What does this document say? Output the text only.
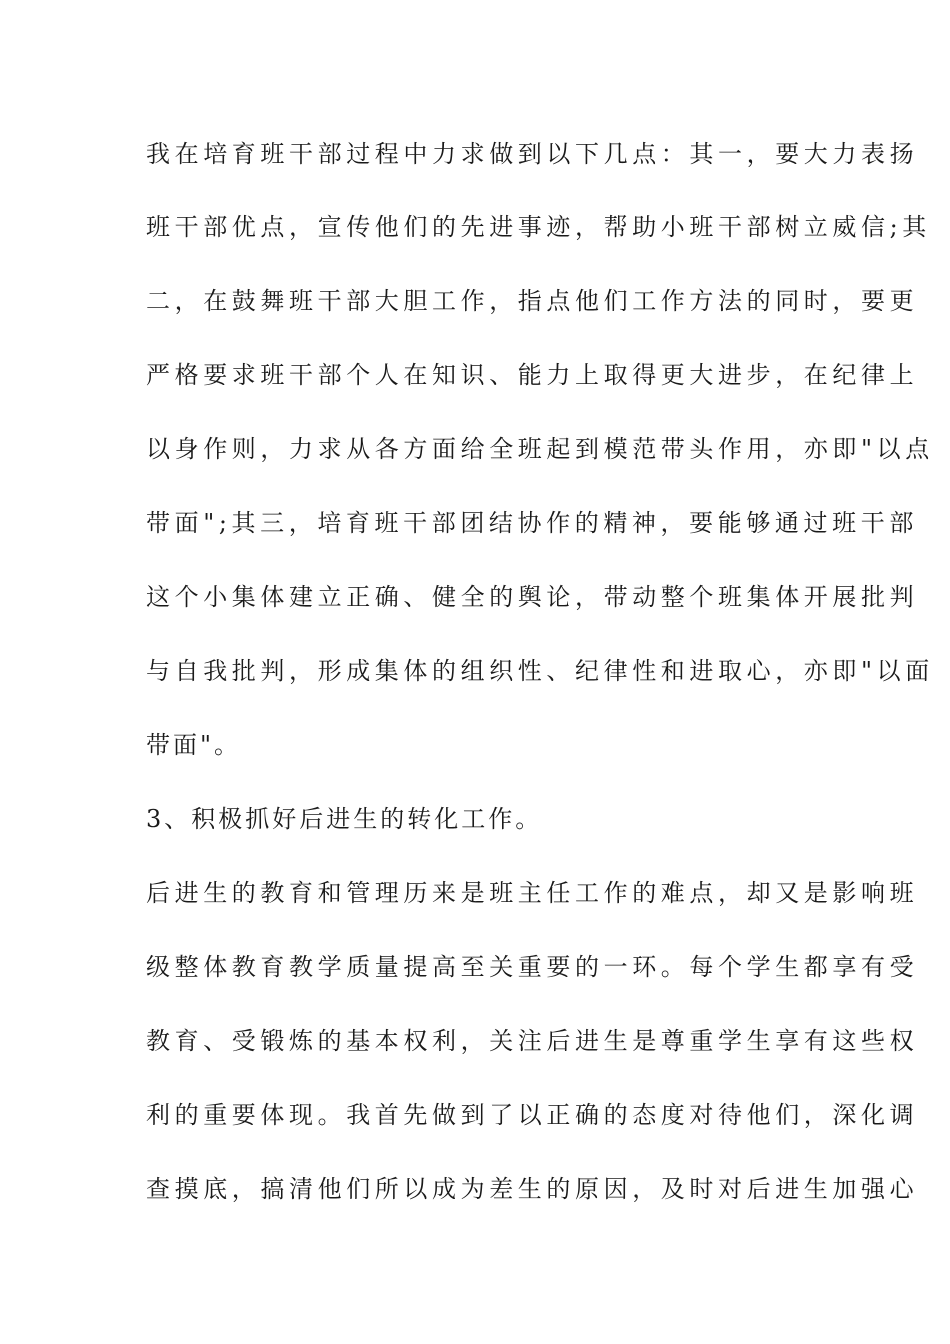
我在培育班干部过程中力求做到以下几点：其一，要大力表扬
班干部优点，宣传他们的先进事迹，帮助小班干部树立威信;其
二，在鼓舞班干部大胆工作，指点他们工作方法的同时，要更
严格要求班干部个人在知识、能力上取得更大进步，在纪律上
以身作则，力求从各方面给全班起到模范带头作用，亦即"以点
带面";其三，培育班干部团结协作的精神，要能够通过班干部
这个小集体建立正确、健全的舆论，带动整个班集体开展批判
与自我批判，形成集体的组织性、纪律性和进取心，亦即"以面
带面"。
3、积极抓好后进生的转化工作。
后进生的教育和管理历来是班主任工作的难点，却又是影响班
级整体教育教学质量提高至关重要的一环。每个学生都享有受
教育、受锻炼的基本权利，关注后进生是尊重学生享有这些权
利的重要体现。我首先做到了以正确的态度对待他们，深化调
查摸底，搞清他们所以成为差生的原因，及时对后进生加强心
